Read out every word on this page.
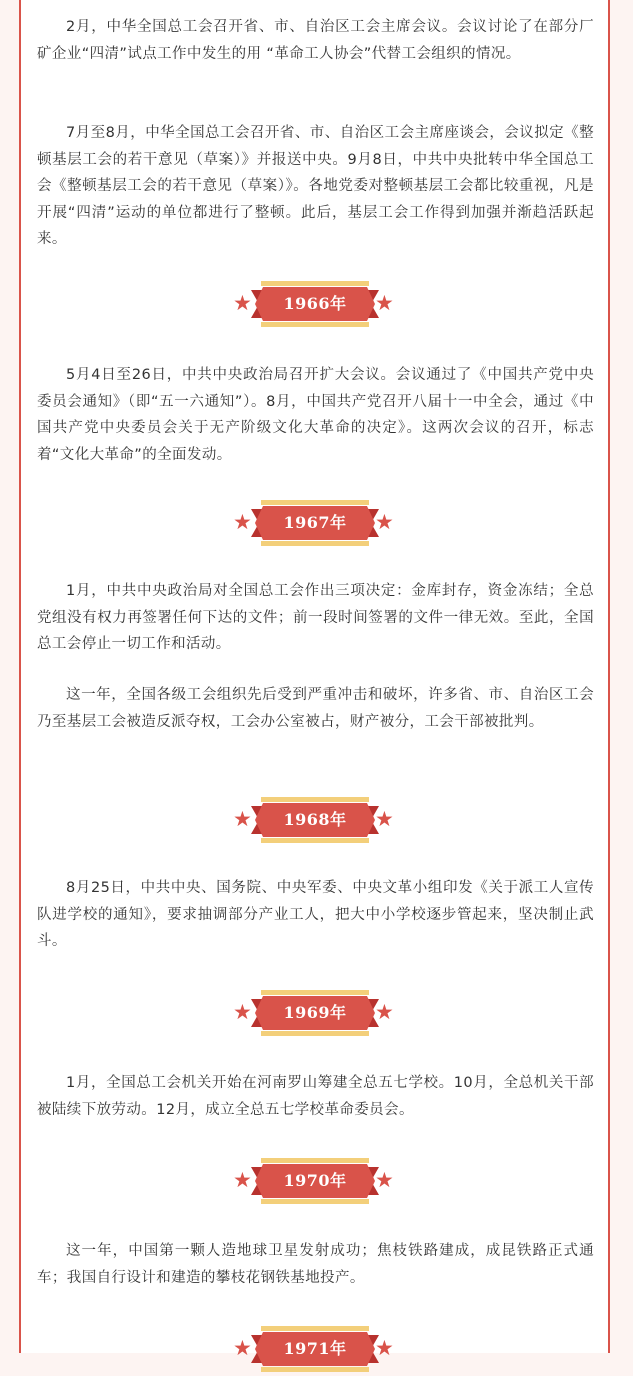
2月，中华全国总工会召开省、市、自治区工会主席会议。会议讨论了在部分厂矿企业“四清”试点工作中发生的用 “革命工人协会”代替工会组织的情况。

7月至8月，中华全国总工会召开省、市、自治区工会主席座谈会，会议拟定《整顿基层工会的若干意见（草案）》并报送中央。9月8日，中共中央批转中华全国总工会《整顿基层工会的若干意见（草案）》。各地党委对整顿基层工会都比较重视，凡是开展“四清”运动的单位都进行了整顿。此后，基层工会工作得到加强并渐趋活跃起来。

★	1966年	★

5月4日至26日，中共中央政治局召开扩大会议。会议通过了《中国共产党中央委员会通知》（即“五一六通知”）。8月，中国共产党召开八届十一中全会，通过《中国共产党中央委员会关于无产阶级文化大革命的决定》。这两次会议的召开，标志着“文化大革命”的全面发动。

★	1967年	★

1月，中共中央政治局对全国总工会作出三项决定：金库封存，资金冻结；全总党组没有权力再签署任何下达的文件；前一段时间签署的文件一律无效。至此，全国总工会停止一切工作和活动。

这一年，全国各级工会组织先后受到严重冲击和破坏，许多省、市、自治区工会乃至基层工会被造反派夺权，工会办公室被占，财产被分，工会干部被批判。

★	1968年	★

8月25日，中共中央、国务院、中央军委、中央文革小组印发《关于派工人宣传队进学校的通知》，要求抽调部分产业工人，把大中小学校逐步管起来，坚决制止武斗。

★	1969年	★

1月，全国总工会机关开始在河南罗山筹建全总五七学校。10月，全总机关干部被陆续下放劳动。12月，成立全总五七学校革命委员会。

★	1970年	★

这一年，中国第一颗人造地球卫星发射成功；焦枝铁路建成，成昆铁路正式通车；我国自行设计和建造的攀枝花钢铁基地投产。

★	1971年	★
